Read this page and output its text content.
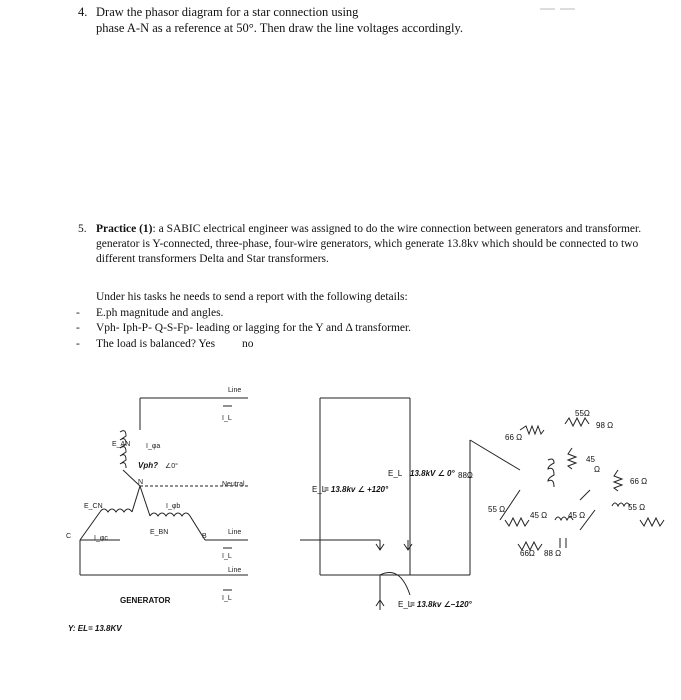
4. Draw the phasor diagram for a star connection using
phase A-N as a reference at 50°. Then draw the line voltages accordingly.
5. Practice (1): a SABIC electrical engineer was assigned to do the wire connection between generators and transformer. generator is Y-connected, three-phase, four-wire generators, which generate 13.8kv which should be connected to two different transformers Delta and Star transformers.
Under his tasks he needs to send a report with the following details:
- E.ph magnitude and angles.
- Vph- Iph-P- Q-S-Fp- leading or lagging for the Y and Δ transformer.
- The load is balanced? Yes no
Line
I_L
Neutral
N
B
C
Line
I_L
Line
I_L
E_AN I_φa
E_CN
E_BN
I_φb
I_φc
Vph? ∠0°
GENERATOR
Y: EL= 13.8KV
E_L 13.8kV ∠ 0°
E_L
= 13.8kv ∠ +120°
E_L
= 13.8kv ∠–120°
66 Ω
55Ω
98 Ω
45
Ω
66 Ω
88Ω
55 Ω
45 Ω	45 Ω
55 Ω
66Ω 88 Ω
